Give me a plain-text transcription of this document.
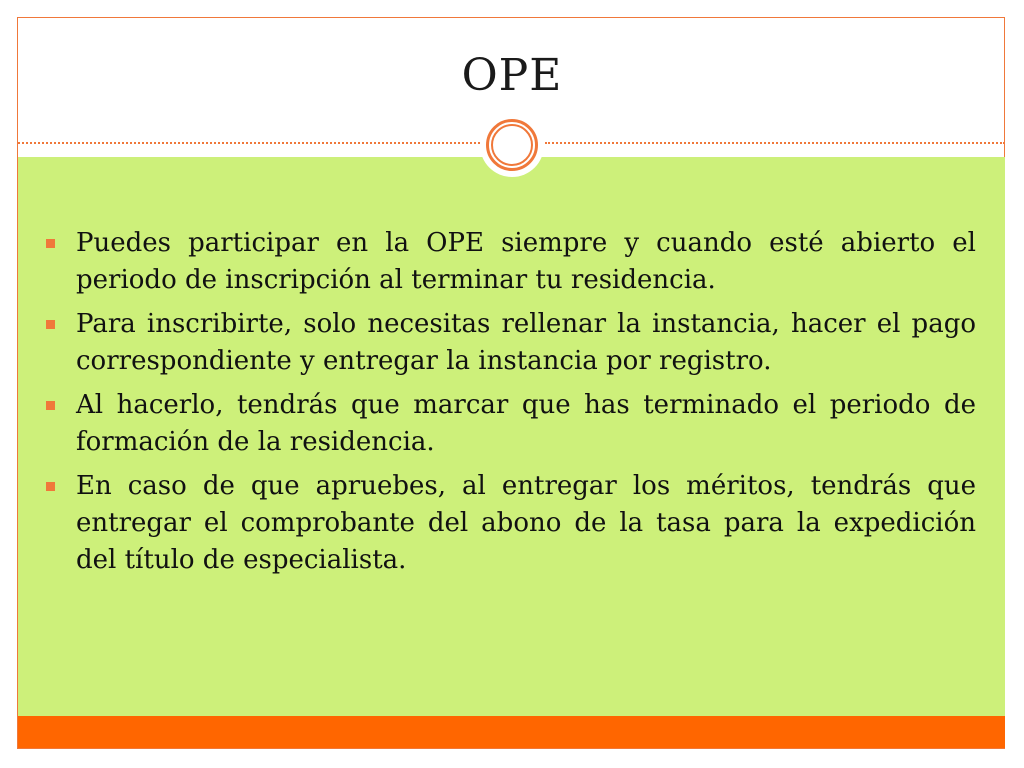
OPE
Puedes participar en la OPE siempre y cuando esté abierto el periodo de inscripción al terminar tu residencia.
Para inscribirte, solo necesitas rellenar la instancia, hacer el pago correspondiente y entregar la instancia por registro.
Al hacerlo, tendrás que marcar que has terminado el periodo de formación de la residencia.
En caso de que apruebes, al entregar los méritos, tendrás que entregar el comprobante del abono de la tasa para la expedición del título de especialista.
